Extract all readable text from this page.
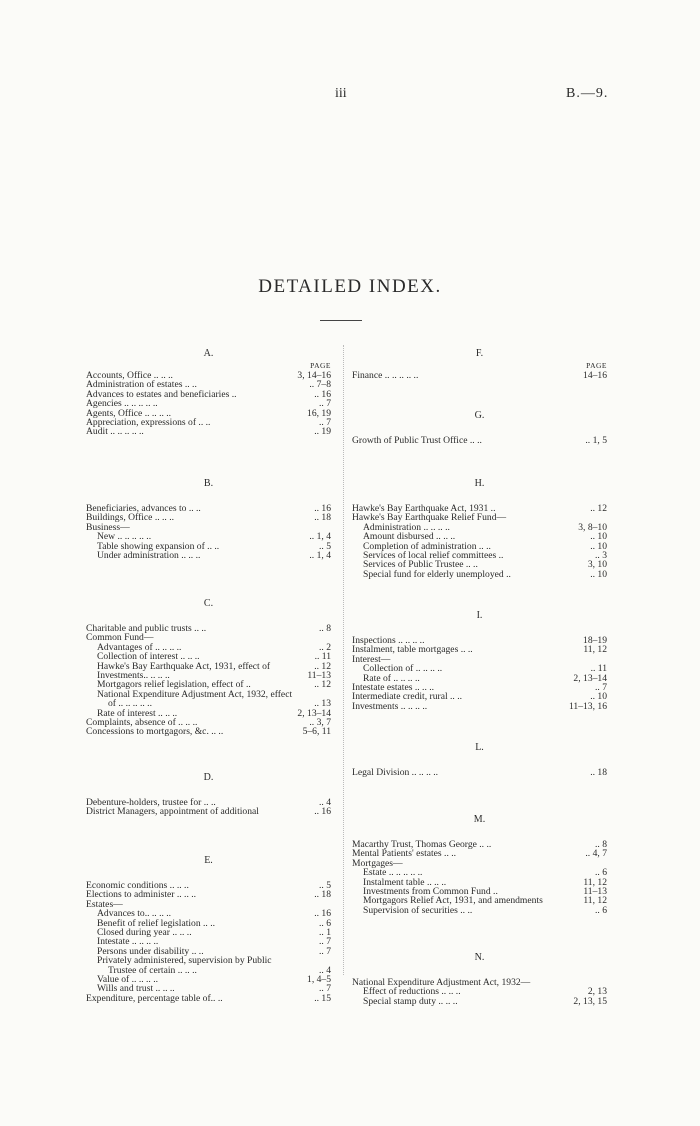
iii	B.—9.
DETAILED INDEX.
A.
PAGE
Accounts, Office .. .. ..	3, 14–16
Administration of estates .. ..	.. 7–8
Advances to estates and beneficiaries ..	.. 16
Agencies .. .. .. .. ..	.. 7
Agents, Office .. .. .. ..	16, 19
Appreciation, expressions of .. ..	.. 7
Audit .. .. .. .. ..	.. 19
B.
Beneficiaries, advances to .. ..	.. 16
Buildings, Office .. .. ..	.. 18
Business—
New .. .. .. .. ..	.. 1, 4
Table showing expansion of .. ..	.. 5
Under administration .. .. ..	.. 1, 4
C.
Charitable and public trusts .. ..	.. 8
Common Fund—
Advantages of .. .. .. ..	.. 2
Collection of interest .. .. ..	.. 11
Hawke's Bay Earthquake Act, 1931, effect of	.. 12
Investments.. .. .. ..	11–13
Mortgagors relief legislation, effect of ..	.. 12
National Expenditure Adjustment Act, 1932, effect
of .. .. .. .. ..	.. 13
Rate of interest .. .. ..	2, 13–14
Complaints, absence of .. .. ..	.. 3, 7
Concessions to mortgagors, &c. .. ..	5–6, 11
D.
Debenture-holders, trustee for .. ..	.. 4
District Managers, appointment of additional	.. 16
E.
Economic conditions .. .. ..	.. 5
Elections to administer .. .. ..	.. 18
Estates—
Advances to.. .. .. ..	.. 16
Benefit of relief legislation .. ..	.. 6
Closed during year .. .. ..	.. 1
Intestate .. .. .. ..	.. 7
Persons under disability .. ..	.. 7
Privately administered, supervision by Public
Trustee of certain .. .. ..	.. 4
Value of .. .. .. ..	1, 4–5
Wills and trust .. .. ..	.. 7
Expenditure, percentage table of.. ..	.. 15
F.
PAGE
Finance .. .. .. .. ..	14–16
G.
Growth of Public Trust Office .. ..	.. 1, 5
H.
Hawke's Bay Earthquake Act, 1931 ..	.. 12
Hawke's Bay Earthquake Relief Fund—
Administration .. .. .. ..	3, 8–10
Amount disbursed .. .. ..	.. 10
Completion of administration .. ..	.. 10
Services of local relief committees ..	.. 3
Services of Public Trustee .. ..	3, 10
Special fund for elderly unemployed ..	.. 10
I.
Inspections .. .. .. ..	18–19
Instalment, table mortgages .. ..	11, 12
Interest—
Collection of .. .. .. ..	.. 11
Rate of .. .. .. ..	2, 13–14
Intestate estates .. .. ..	.. 7
Intermediate credit, rural .. ..	.. 10
Investments .. .. .. ..	11–13, 16
L.
Legal Division .. .. .. ..	.. 18
M.
Macarthy Trust, Thomas George .. ..	.. 8
Mental Patients' estates .. ..	.. 4, 7
Mortgages—
Estate .. .. .. .. ..	.. 6
Instalment table .. .. ..	11, 12
Investments from Common Fund ..	11–13
Mortgagors Relief Act, 1931, and amendments	11, 12
Supervision of securities .. ..	.. 6
N.
National Expenditure Adjustment Act, 1932—
Effect of reductions .. .. ..	2, 13
Special stamp duty .. .. ..	2, 13, 15
